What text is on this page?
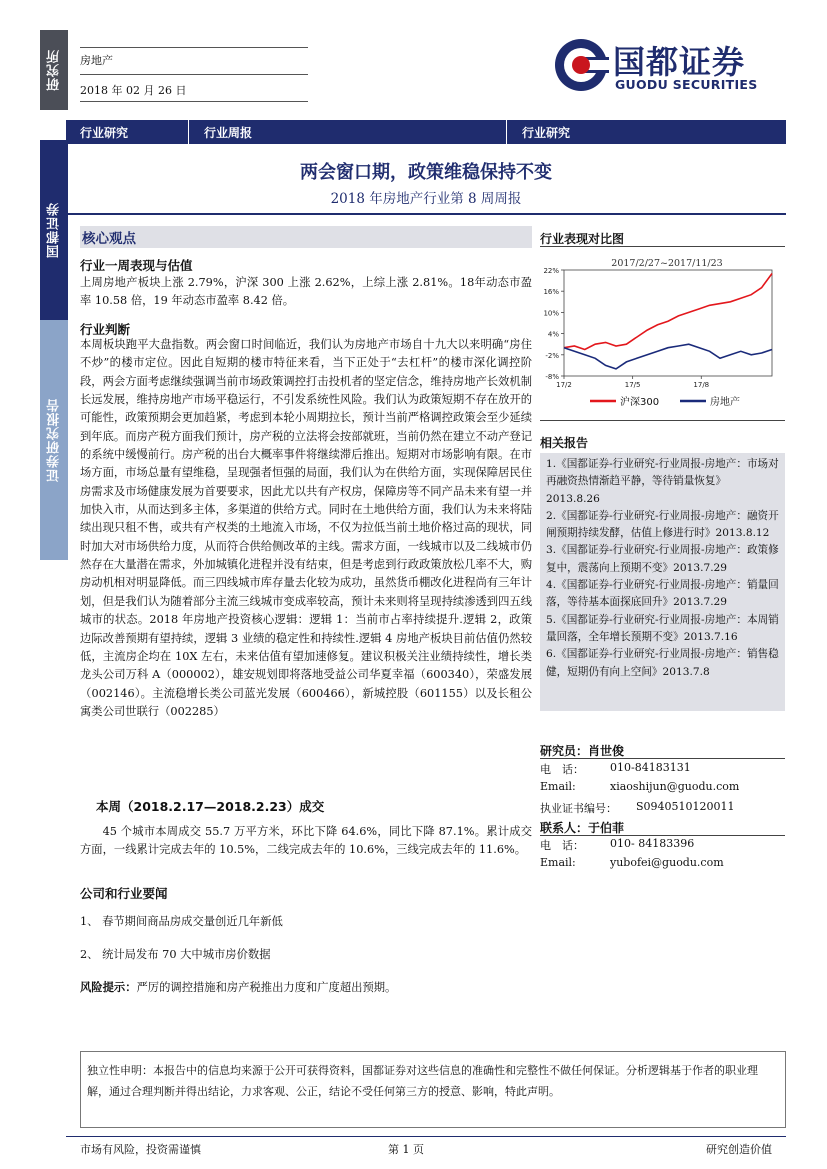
研究所
国都证券
证券研究报告
房地产
2018 年 02 月 26 日
国都证券
GUODU SECURITIES
行业研究	行业周报	行业研究
两会窗口期，政策维稳保持不变
2018 年房地产行业第 8 周周报
核心观点
行业一周表现与估值
上周房地产板块上涨 2.79%，沪深 300 上涨 2.62%，上综上涨 2.81%。18年动态市盈率 10.58 倍，19 年动态市盈率 8.42 倍。
行业判断
本周板块跑平大盘指数。两会窗口时间临近，我们认为房地产市场自十九大以来明确“房住不炒”的楼市定位。因此自短期的楼市特征来看，当下正处于“去杠杆”的楼市深化调控阶段，两会方面考虑继续强调当前市场政策调控打击投机者的坚定信念，维持房地产长效机制长远发展，维持房地产市场平稳运行，不引发系统性风险。我们认为政策短期不存在放开的可能性，政策预期会更加趋紧，考虑到本轮小周期拉长，预计当前严格调控政策会至少延续到年底。而房产税方面我们预计，房产税的立法将会按部就班，当前仍然在建立不动产登记的系统中缓慢前行。房产税的出台大概率事件将继续滞后推出。短期对市场影响有限。在市场方面，市场总量有望维稳，呈现强者恒强的局面，我们认为在供给方面，实现保障居民住房需求及市场健康发展为首要要求，因此尤以共有产权房，保障房等不同产品未来有望一并加快入市，从而达到多主体，多渠道的供给方式。同时在土地供给方面，我们认为未来将陆续出现只租不售，或共有产权类的土地流入市场，不仅为拉低当前土地价格过高的现状，同时加大对市场供给力度，从而符合供给侧改革的主线。需求方面，一线城市以及二线城市仍然存在大量潜在需求，外加城镇化进程并没有结束，但是考虑到行政政策放松几率不大，购房动机相对明显降低。而三四线城市库存量去化较为成功，虽然货币棚改化进程尚有三年计划，但是我们认为随着部分主流三线城市变成率较高，预计未来则将呈现持续渗透到四五线城市的状态。2018 年房地产投资核心逻辑：逻辑 1：当前市占率持续提升.逻辑 2，政策边际改善预期有望持续，逻辑 3 业绩的稳定性和持续性.逻辑 4 房地产板块目前估值仍然较低，主流房企均在 10X 左右，未来估值有望加速修复。建议积极关注业绩持续性，增长类龙头公司万科 A（000002），雄安规划即将落地受益公司华夏幸福（600340），荣盛发展（002146）。主流稳增长类公司蓝光发展（600466），新城控股（601155）以及长租公寓类公司世联行（002285）
本周（2018.2.17—2018.2.23）成交
45 个城市本周成交 55.7 万平方米，环比下降 64.6%，同比下降 87.1%。累计成交方面，一线累计完成去年的 10.5%，二线完成去年的 10.6%，三线完成去年的 11.6%。
公司和行业要闻
1、 春节期间商品房成交量创近几年新低
2、 统计局发布 70 大中城市房价数据
风险提示：严厉的调控措施和房产税推出力度和广度超出预期。
行业表现对比图
2017/2/27~2017/11/23
22%
16%
10%
4%
-2%
-8%
17/2	17/5	17/8
沪深300	房地产
相关报告

1.《国都证券-行业研究-行业周报-房地产：市场对再融资热情渐趋平静，等待销量恢复》2013.8.26

2.《国都证券-行业研究-行业周报-房地产：融资开闸预期持续发酵，估值上修进行时》2013.8.12

3.《国都证券-行业研究-行业周报-房地产：政策修复中，震荡向上预期不变》2013.7.29

4.《国都证券-行业研究-行业周报-房地产：销量回落，等待基本面探底回升》2013.7.29

5.《国都证券-行业研究-行业周报-房地产：本周销量回落，全年增长预期不变》2013.7.16

6.《国都证券-行业研究-行业周报-房地产：销售稳健，短期仍有向上空间》2013.7.8

研究员：肖世俊
电　话： 010-84183131
Email:	xiaoshijun@guodu.com
执业证书编号： S0940510120011
联系人：于伯菲
电　话： 010- 84183396
Email:	yubofei@guodu.com
独立性申明：本报告中的信息均来源于公开可获得资料，国都证券对这些信息的准确性和完整性不做任何保证。分析逻辑基于作者的职业理解，通过合理判断并得出结论，力求客观、公正，结论不受任何第三方的授意、影响，特此声明。
市场有风险，投资需谨慎	第 1 页	研究创造价值
